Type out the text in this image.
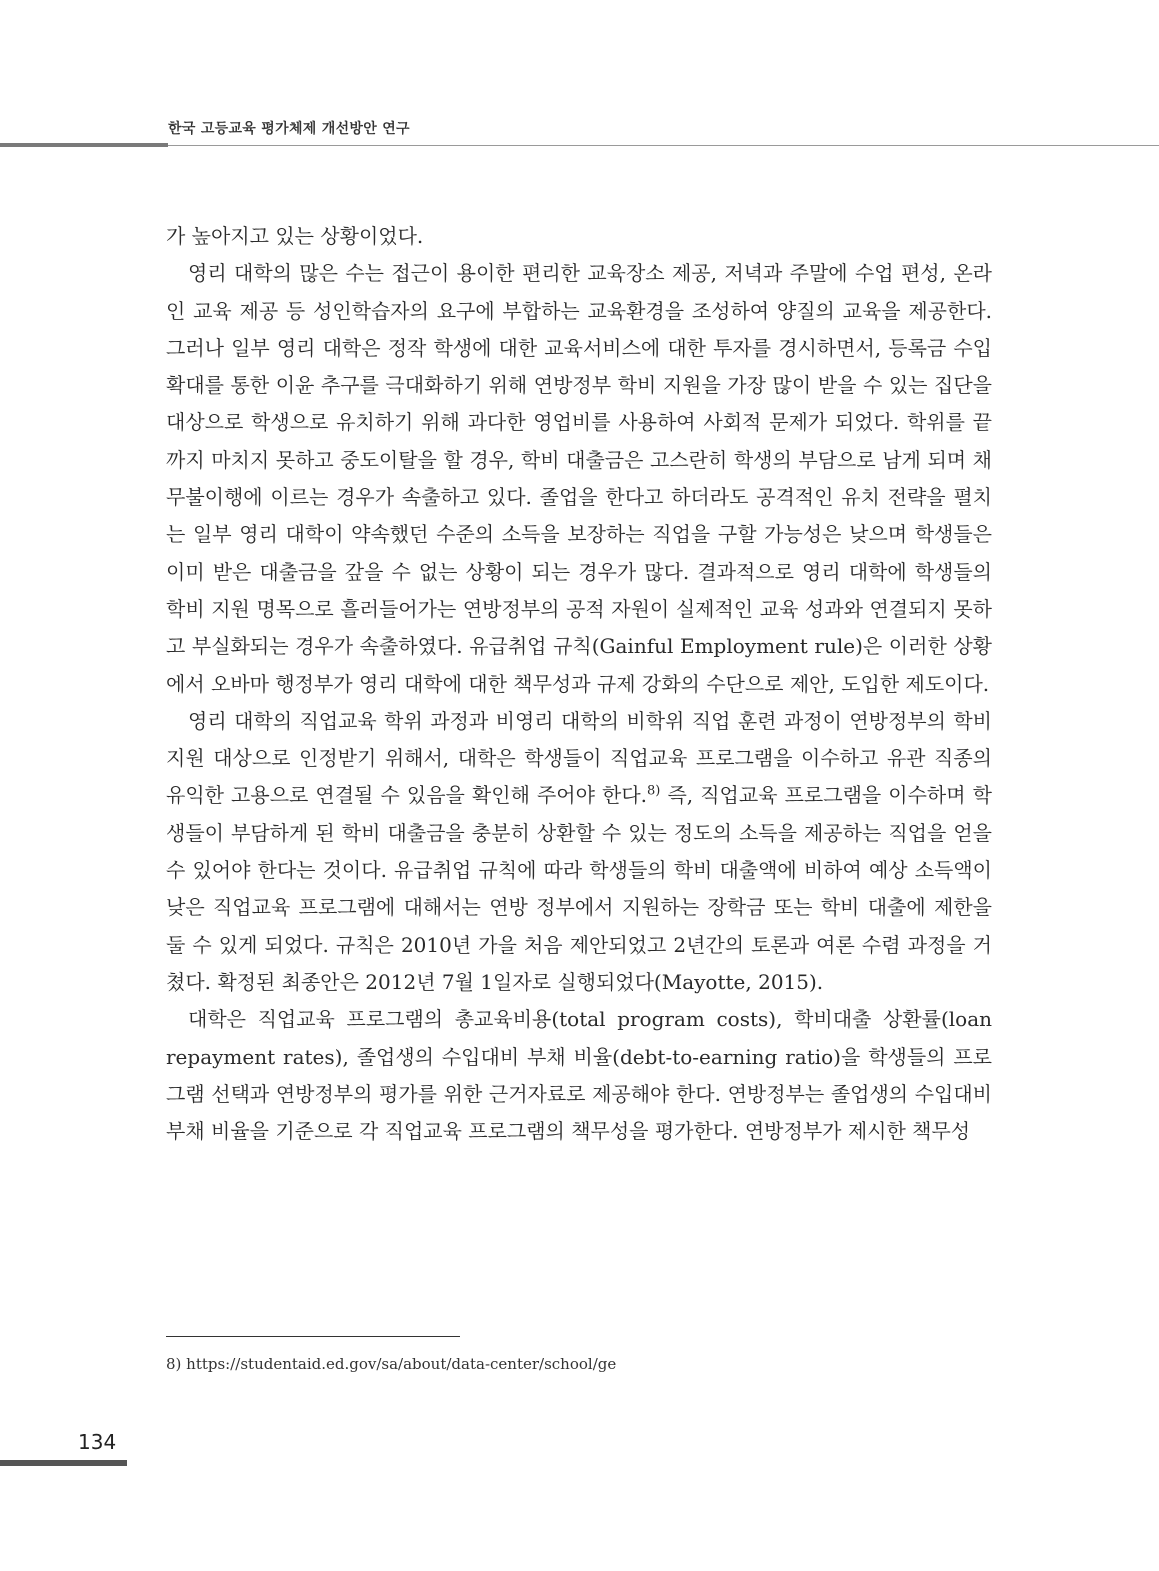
한국 고등교육 평가체제 개선방안 연구

가 높아지고 있는 상황이었다.

영리 대학의 많은 수는 접근이 용이한 편리한 교육장소 제공, 저녁과 주말에 수업 편성, 온라인 교육 제공 등 성인학습자의 요구에 부합하는 교육환경을 조성하여 양질의 교육을 제공한다. 그러나 일부 영리 대학은 정작 학생에 대한 교육서비스에 대한 투자를 경시하면서, 등록금 수입 확대를 통한 이윤 추구를 극대화하기 위해 연방정부 학비 지원을 가장 많이 받을 수 있는 집단을 대상으로 학생으로 유치하기 위해 과다한 영업비를 사용하여 사회적 문제가 되었다. 학위를 끝까지 마치지 못하고 중도이탈을 할 경우, 학비 대출금은 고스란히 학생의 부담으로 남게 되며 채무불이행에 이르는 경우가 속출하고 있다. 졸업을 한다고 하더라도 공격적인 유치 전략을 펼치는 일부 영리 대학이 약속했던 수준의 소득을 보장하는 직업을 구할 가능성은 낮으며 학생들은 이미 받은 대출금을 갚을 수 없는 상황이 되는 경우가 많다. 결과적으로 영리 대학에 학생들의 학비 지원 명목으로 흘러들어가는 연방정부의 공적 자원이 실제적인 교육 성과와 연결되지 못하고 부실화되는 경우가 속출하였다. 유급취업 규칙(Gainful Employment rule)은 이러한 상황에서 오바마 행정부가 영리 대학에 대한 책무성과 규제 강화의 수단으로 제안, 도입한 제도이다.

영리 대학의 직업교육 학위 과정과 비영리 대학의 비학위 직업 훈련 과정이 연방정부의 학비 지원 대상으로 인정받기 위해서, 대학은 학생들이 직업교육 프로그램을 이수하고 유관 직종의 유익한 고용으로 연결될 수 있음을 확인해 주어야 한다.$^{8)}$ 즉, 직업교육 프로그램을 이수하며 학생들이 부담하게 된 학비 대출금을 충분히 상환할 수 있는 정도의 소득을 제공하는 직업을 얻을 수 있어야 한다는 것이다. 유급취업 규칙에 따라 학생들의 학비 대출액에 비하여 예상 소득액이 낮은 직업교육 프로그램에 대해서는 연방 정부에서 지원하는 장학금 또는 학비 대출에 제한을 둘 수 있게 되었다. 규칙은 2010년 가을 처음 제안되었고 2년간의 토론과 여론 수렴 과정을 거쳤다. 확정된 최종안은 2012년 7월 1일자로 실행되었다(Mayotte, 2015).

대학은 직업교육 프로그램의 총교육비용(total program costs), 학비대출 상환률(loan repayment rates), 졸업생의 수입대비 부채 비율(debt-to-earning ratio)을 학생들의 프로그램 선택과 연방정부의 평가를 위한 근거자료로 제공해야 한다. 연방정부는 졸업생의 수입대비 부채 비율을 기준으로 각 직업교육 프로그램의 책무성을 평가한다. 연방정부가 제시한 책무성

8) https://studentaid.ed.gov/sa/about/data-center/school/ge
134
